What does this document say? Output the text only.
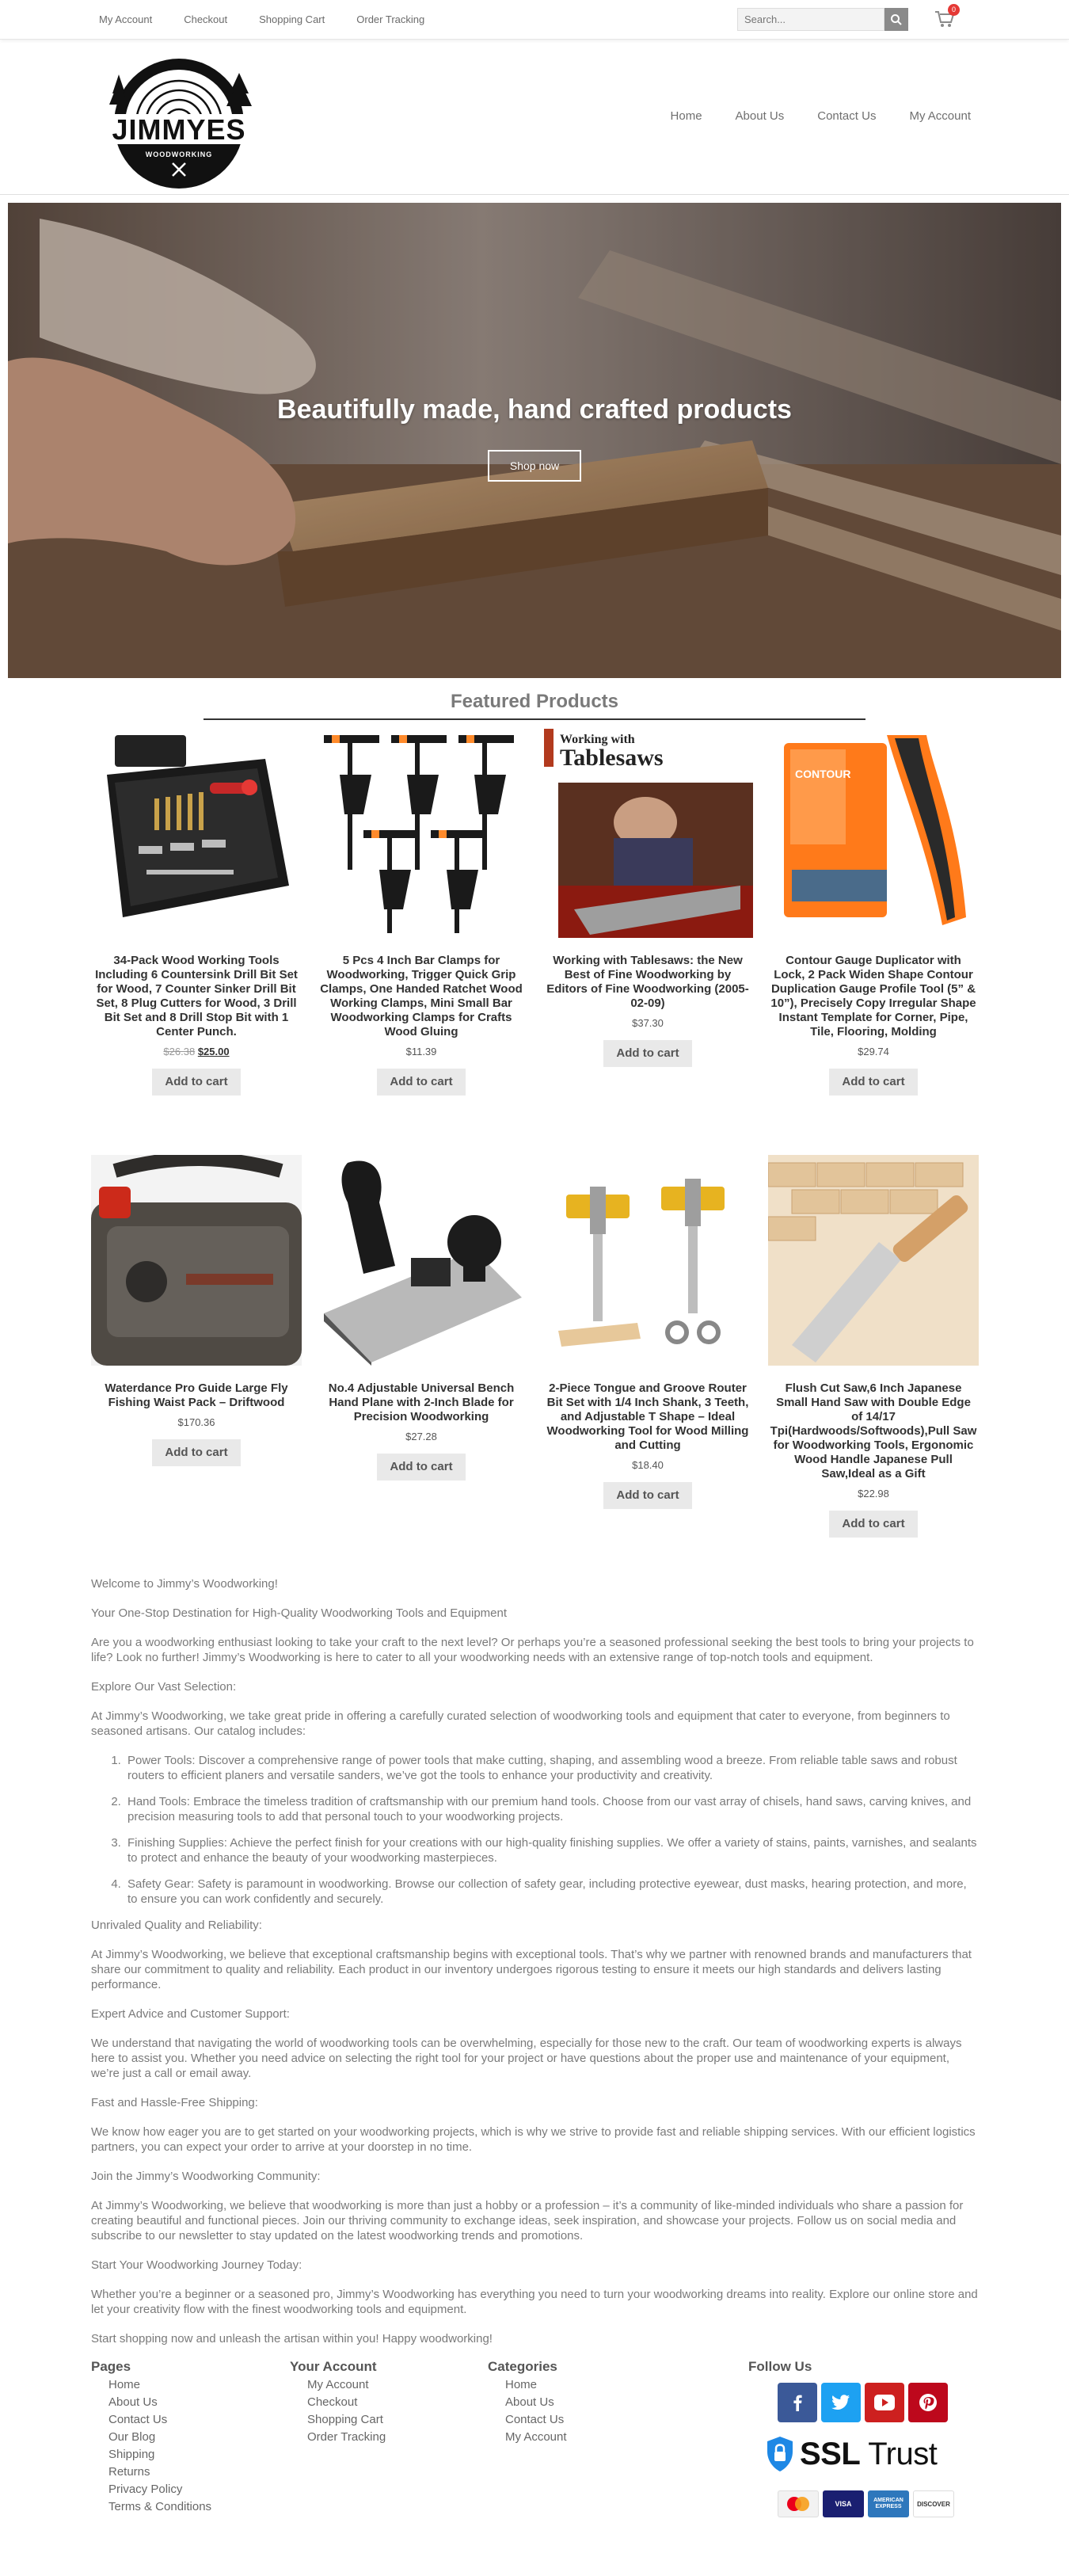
My Account	Checkout	Shopping Cart	Order Tracking
Search...
0
JIMMYES
WOODWORKING
Home	About Us	Contact Us	My Account
Beautifully made, hand crafted products
Shop now
Featured Products
34-Pack Wood Working Tools Including 6 Countersink Drill Bit Set for Wood, 7 Counter Sinker Drill Bit Set, 8 Plug Cutters for Wood, 3 Drill Bit Set and 8 Drill Stop Bit with 1 Center Punch.
$26.38 $25.00
Add to cart
5 Pcs 4 Inch Bar Clamps for Woodworking, Trigger Quick Grip Clamps, One Handed Ratchet Wood Working Clamps, Mini Small Bar Woodworking Clamps for Crafts Wood Gluing
$11.39
Add to cart
Working with
Tablesaws
Working with Tablesaws: the New Best of Fine Woodworking by Editors of Fine Woodworking (2005-02-09)
$37.30
Add to cart
CONTOUR
Contour Gauge Duplicator with Lock, 2 Pack Widen Shape Contour Duplication Gauge Profile Tool (5” & 10”), Precisely Copy Irregular Shape Instant Template for Corner, Pipe, Tile, Flooring, Molding
$29.74
Add to cart
Waterdance Pro Guide Large Fly Fishing Waist Pack – Driftwood
$170.36
Add to cart
No.4 Adjustable Universal Bench Hand Plane with 2-Inch Blade for Precision Woodworking
$27.28
Add to cart
2-Piece Tongue and Groove Router Bit Set with 1/4 Inch Shank, 3 Teeth, and Adjustable T Shape – Ideal Woodworking Tool for Wood Milling and Cutting
$18.40
Add to cart
Flush Cut Saw,6 Inch Japanese Small Hand Saw with Double Edge of 14/17 Tpi(Hardwoods/Softwoods),Pull Saw for Woodworking Tools, Ergonomic Wood Handle Japanese Pull Saw,Ideal as a Gift
$22.98
Add to cart

Welcome to Jimmy’s Woodworking!

Your One-Stop Destination for High-Quality Woodworking Tools and Equipment

Are you a woodworking enthusiast looking to take your craft to the next level? Or perhaps you’re a seasoned professional seeking the best tools to bring your projects to life? Look no further! Jimmy’s Woodworking is here to cater to all your woodworking needs with an extensive range of top-notch tools and equipment.

Explore Our Vast Selection:

At Jimmy’s Woodworking, we take great pride in offering a carefully curated selection of woodworking tools and equipment that cater to everyone, from beginners to seasoned artisans. Our catalog includes:

1. Power Tools: Discover a comprehensive range of power tools that make cutting, shaping, and assembling wood a breeze. From reliable table saws and robust routers to efficient planers and versatile sanders, we’ve got the tools to enhance your productivity and creativity.
2. Hand Tools: Embrace the timeless tradition of craftsmanship with our premium hand tools. Choose from our vast array of chisels, hand saws, carving knives, and precision measuring tools to add that personal touch to your woodworking projects.
3. Finishing Supplies: Achieve the perfect finish for your creations with our high-quality finishing supplies. We offer a variety of stains, paints, varnishes, and sealants to protect and enhance the beauty of your woodworking masterpieces.
4. Safety Gear: Safety is paramount in woodworking. Browse our collection of safety gear, including protective eyewear, dust masks, hearing protection, and more, to ensure you can work confidently and securely.

Unrivaled Quality and Reliability:

At Jimmy’s Woodworking, we believe that exceptional craftsmanship begins with exceptional tools. That’s why we partner with renowned brands and manufacturers that share our commitment to quality and reliability. Each product in our inventory undergoes rigorous testing to ensure it meets our high standards and delivers lasting performance.

Expert Advice and Customer Support:

We understand that navigating the world of woodworking tools can be overwhelming, especially for those new to the craft. Our team of woodworking experts is always here to assist you. Whether you need advice on selecting the right tool for your project or have questions about the proper use and maintenance of your equipment, we’re just a call or email away.

Fast and Hassle-Free Shipping:

We know how eager you are to get started on your woodworking projects, which is why we strive to provide fast and reliable shipping services. With our efficient logistics partners, you can expect your order to arrive at your doorstep in no time.

Join the Jimmy’s Woodworking Community:

At Jimmy’s Woodworking, we believe that woodworking is more than just a hobby or a profession – it’s a community of like-minded individuals who share a passion for creating beautiful and functional pieces. Join our thriving community to exchange ideas, seek inspiration, and showcase your projects. Follow us on social media and subscribe to our newsletter to stay updated on the latest woodworking trends and promotions.

Start Your Woodworking Journey Today:

Whether you’re a beginner or a seasoned pro, Jimmy’s Woodworking has everything you need to turn your woodworking dreams into reality. Explore our online store and let your creativity flow with the finest woodworking tools and equipment.

Start shopping now and unleash the artisan within you! Happy woodworking!

Pages
Home
About Us
Contact Us
Our Blog
Shipping
Returns
Privacy Policy
Terms & Conditions
Your Account
My Account
Checkout
Shopping Cart
Order Tracking
Categories
Home
About Us
Contact Us
My Account
Follow Us
SSL Trust
VISA	AMERICAN EXPRESS	DISCOVER
